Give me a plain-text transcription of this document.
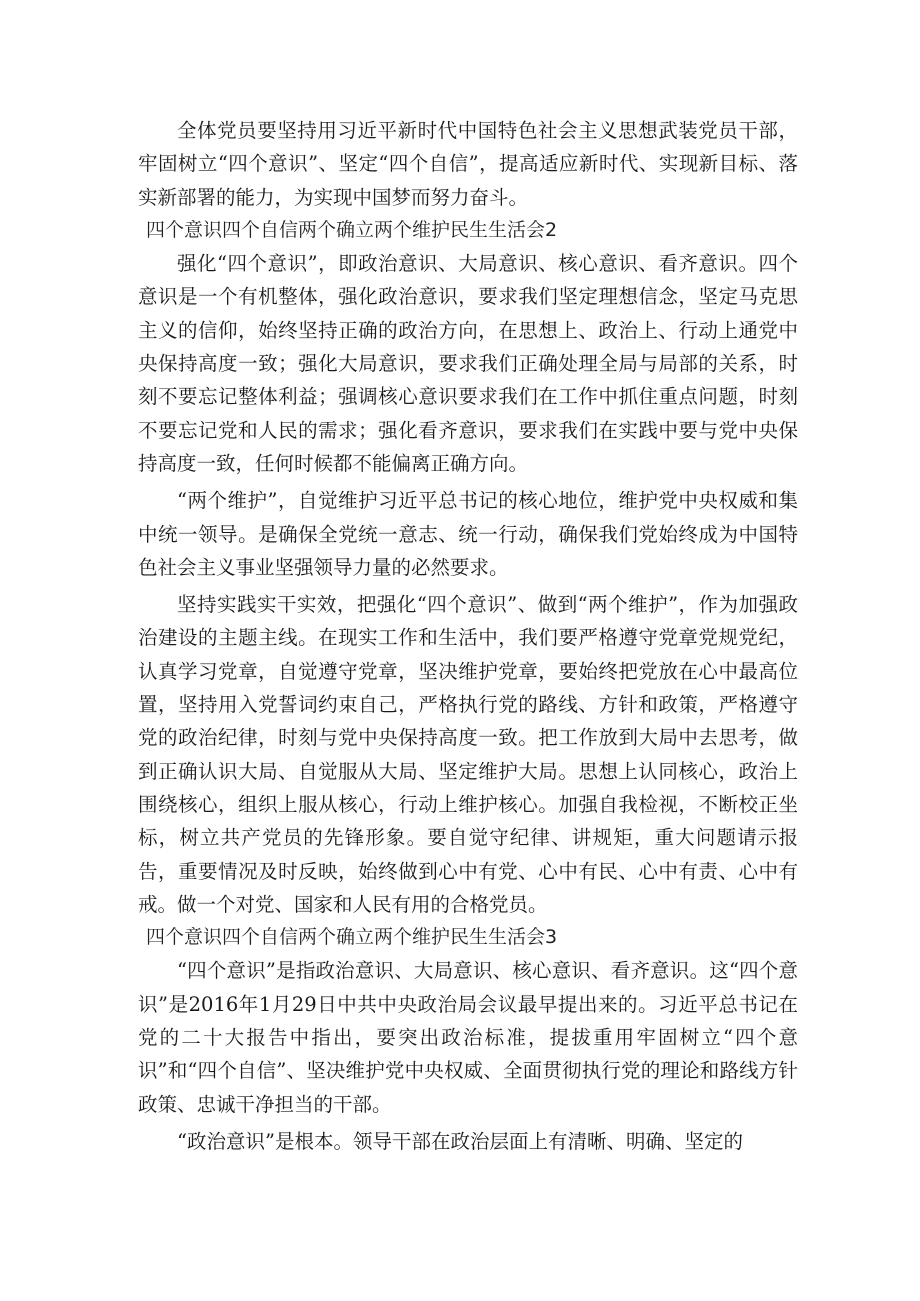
全体党员要坚持用习近平新时代中国特色社会主义思想武装党员干部，牢固树立“四个意识”、坚定“四个自信”，提高适应新时代、实现新目标、落实新部署的能力，为实现中国梦而努力奋斗。

四个意识四个自信两个确立两个维护民生生活会2

强化“四个意识”，即政治意识、大局意识、核心意识、看齐意识。四个意识是一个有机整体，强化政治意识，要求我们坚定理想信念，坚定马克思主义的信仰，始终坚持正确的政治方向，在思想上、政治上、行动上通党中央保持高度一致；强化大局意识，要求我们正确处理全局与局部的关系，时刻不要忘记整体利益；强调核心意识要求我们在工作中抓住重点问题，时刻不要忘记党和人民的需求；强化看齐意识，要求我们在实践中要与党中央保持高度一致，任何时候都不能偏离正确方向。

“两个维护”，自觉维护习近平总书记的核心地位，维护党中央权威和集中统一领导。是确保全党统一意志、统一行动，确保我们党始终成为中国特色社会主义事业坚强领导力量的必然要求。

坚持实践实干实效，把强化“四个意识”、做到“两个维护”，作为加强政治建设的主题主线。在现实工作和生活中，我们要严格遵守党章党规党纪，认真学习党章，自觉遵守党章，坚决维护党章，要始终把党放在心中最高位置，坚持用入党誓词约束自己，严格执行党的路线、方针和政策，严格遵守党的政治纪律，时刻与党中央保持高度一致。把工作放到大局中去思考，做到正确认识大局、自觉服从大局、坚定维护大局。思想上认同核心，政治上围绕核心，组织上服从核心，行动上维护核心。加强自我检视，不断校正坐标，树立共产党员的先锋形象。要自觉守纪律、讲规矩，重大问题请示报告，重要情况及时反映，始终做到心中有党、心中有民、心中有责、心中有戒。做一个对党、国家和人民有用的合格党员。

四个意识四个自信两个确立两个维护民生生活会3

“四个意识”是指政治意识、大局意识、核心意识、看齐意识。这“四个意识”是2016年1月29日中共中央政治局会议最早提出来的。习近平总书记在党的二十大报告中指出，要突出政治标准，提拔重用牢固树立“四个意识”和“四个自信”、坚决维护党中央权威、全面贯彻执行党的理论和路线方针政策、忠诚干净担当的干部。

“政治意识”是根本。领导干部在政治层面上有清晰、明确、坚定的
